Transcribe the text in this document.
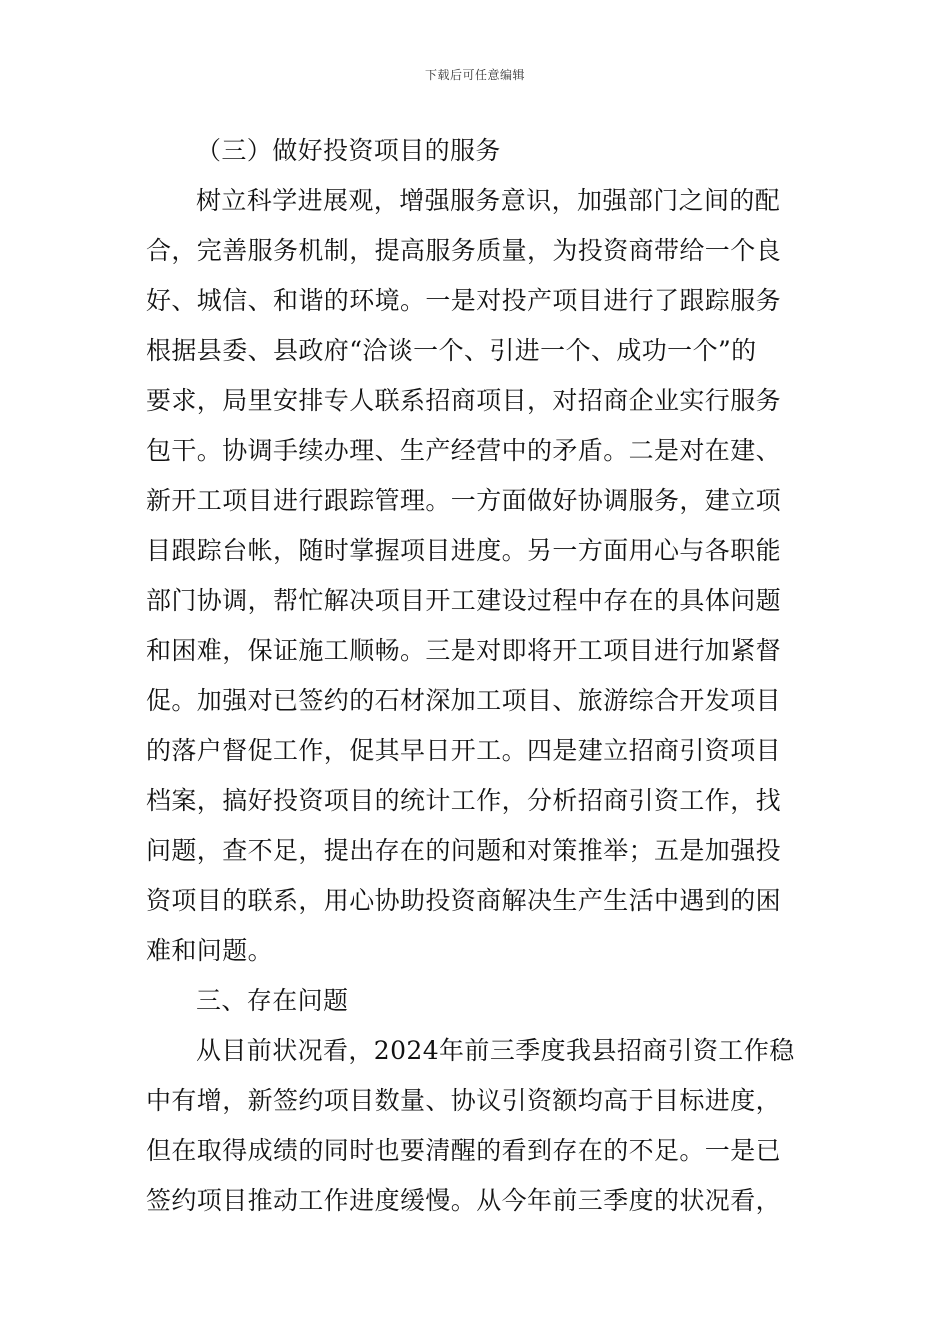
下载后可任意编辑
（三）做好投资项目的服务
树立科学进展观，增强服务意识，加强部门之间的配
合，完善服务机制，提高服务质量，为投资商带给一个良
好、城信、和谐的环境。一是对投产项目进行了跟踪服务
根据县委、县政府“洽谈一个、引进一个、成功一个”的
要求，局里安排专人联系招商项目，对招商企业实行服务
包干。协调手续办理、生产经营中的矛盾。二是对在建、
新开工项目进行跟踪管理。一方面做好协调服务，建立项
目跟踪台帐，随时掌握项目进度。另一方面用心与各职能
部门协调，帮忙解决项目开工建设过程中存在的具体问题
和困难，保证施工顺畅。三是对即将开工项目进行加紧督
促。加强对已签约的石材深加工项目、旅游综合开发项目
的落户督促工作，促其早日开工。四是建立招商引资项目
档案，搞好投资项目的统计工作，分析招商引资工作，找
问题，查不足，提出存在的问题和对策推举；五是加强投
资项目的联系，用心协助投资商解决生产生活中遇到的困
难和问题。
三、存在问题
从目前状况看，2024年前三季度我县招商引资工作稳
中有增，新签约项目数量、协议引资额均高于目标进度，
但在取得成绩的同时也要清醒的看到存在的不足。一是已
签约项目推动工作进度缓慢。从今年前三季度的状况看，
